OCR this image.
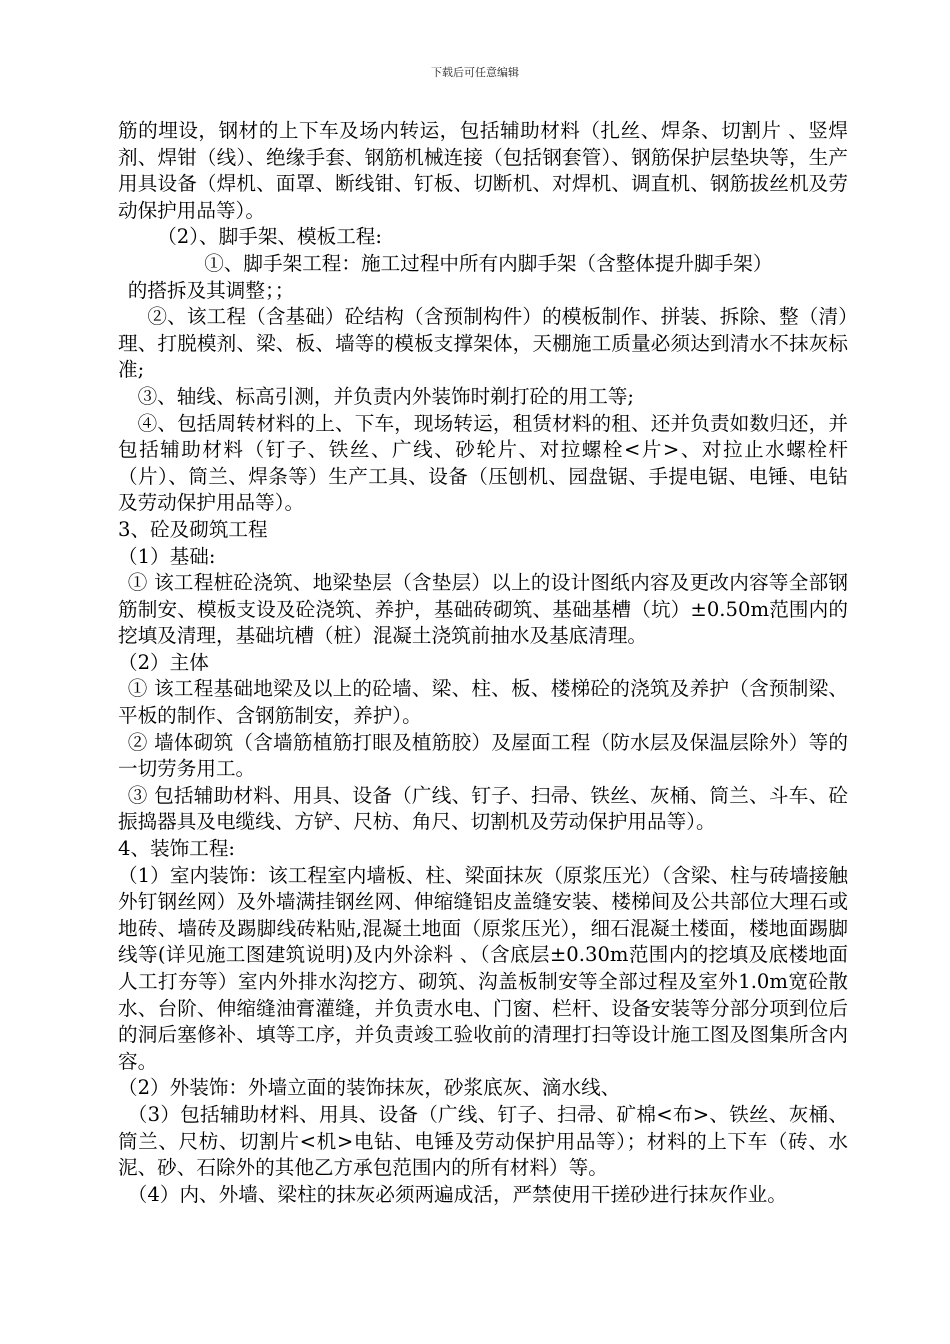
下载后可任意编辑

筋的埋设，钢材的上下车及场内转运，包括辅助材料（扎丝、焊条、切割片 、竖焊剂、焊钳（线）、绝缘手套、钢筋机械连接（包括钢套管）、钢筋保护层垫块等，生产用具设备（焊机、面罩、断线钳、钉板、切断机、对焊机、调直机、钢筋拔丝机及劳动保护用品等）。

（2）、脚手架、模板工程:

①、脚手架工程：施工过程中所有内脚手架（含整体提升脚手架）

的搭拆及其调整；；

②、该工程（含基础）砼结构（含预制构件）的模板制作、拼装、拆除、整（清）理、打脱模剂、梁、板、墙等的模板支撑架体，天棚施工质量必须达到清水不抹灰标准;

③、轴线、标高引测，并负责内外装饰时剃打砼的用工等;

④、包括周转材料的上、下车，现场转运，租赁材料的租、还并负责如数归还，并包括辅助材料（钉子、铁丝、广线、砂轮片、对拉螺栓<片>、对拉止水螺栓杆（片）、筒兰、焊条等）生产工具、设备（压刨机、园盘锯、手提电锯、电锤、电钻及劳动保护用品等）。

3、砼及砌筑工程

（1）基础:

① 该工程桩砼浇筑、地梁垫层（含垫层）以上的设计图纸内容及更改内容等全部钢筋制安、模板支设及砼浇筑、养护，基础砖砌筑、基础基槽（坑）±0.50m范围内的挖填及清理，基础坑槽（桩）混凝土浇筑前抽水及基底清理。

（2）主体

① 该工程基础地梁及以上的砼墙、梁、柱、板、楼梯砼的浇筑及养护（含预制梁、平板的制作、含钢筋制安，养护）。

② 墙体砌筑（含墙筋植筋打眼及植筋胶）及屋面工程（防水层及保温层除外）等的一切劳务用工。

③ 包括辅助材料、用具、设备（广线、钉子、扫帚、铁丝、灰桶、筒兰、斗车、砼振捣器具及电缆线、方铲、尺枋、角尺、切割机及劳动保护用品等）。

4、装饰工程:

（1）室内装饰：该工程室内墙板、柱、梁面抹灰（原浆压光）（含梁、柱与砖墙接触外钉钢丝网）及外墙满挂钢丝网、伸缩缝铝皮盖缝安装、楼梯间及公共部位大理石或地砖、墙砖及踢脚线砖粘贴,混凝土地面（原浆压光），细石混凝土楼面，楼地面踢脚线等(详见施工图建筑说明)及内外涂料 、（含底层±0.30m范围内的挖填及底楼地面人工打夯等）室内外排水沟挖方、砌筑、沟盖板制安等全部过程及室外1.0m宽砼散水、台阶、伸缩缝油膏灌缝，并负责水电、门窗、栏杆、设备安装等分部分项到位后的洞后塞修补、填等工序，并负责竣工验收前的清理打扫等设计施工图及图集所含内容。

（2）外装饰：外墙立面的装饰抹灰，砂浆底灰、滴水线、

（3）包括辅助材料、用具、设备（广线、钉子、扫帚、矿棉<布>、铁丝、灰桶、筒兰、尺枋、切割片<机>电钻、电锤及劳动保护用品等）；材料的上下车（砖、水泥、砂、石除外的其他乙方承包范围内的所有材料）等。

（4）内、外墙、梁柱的抹灰必须两遍成活，严禁使用干搓砂进行抹灰作业。
